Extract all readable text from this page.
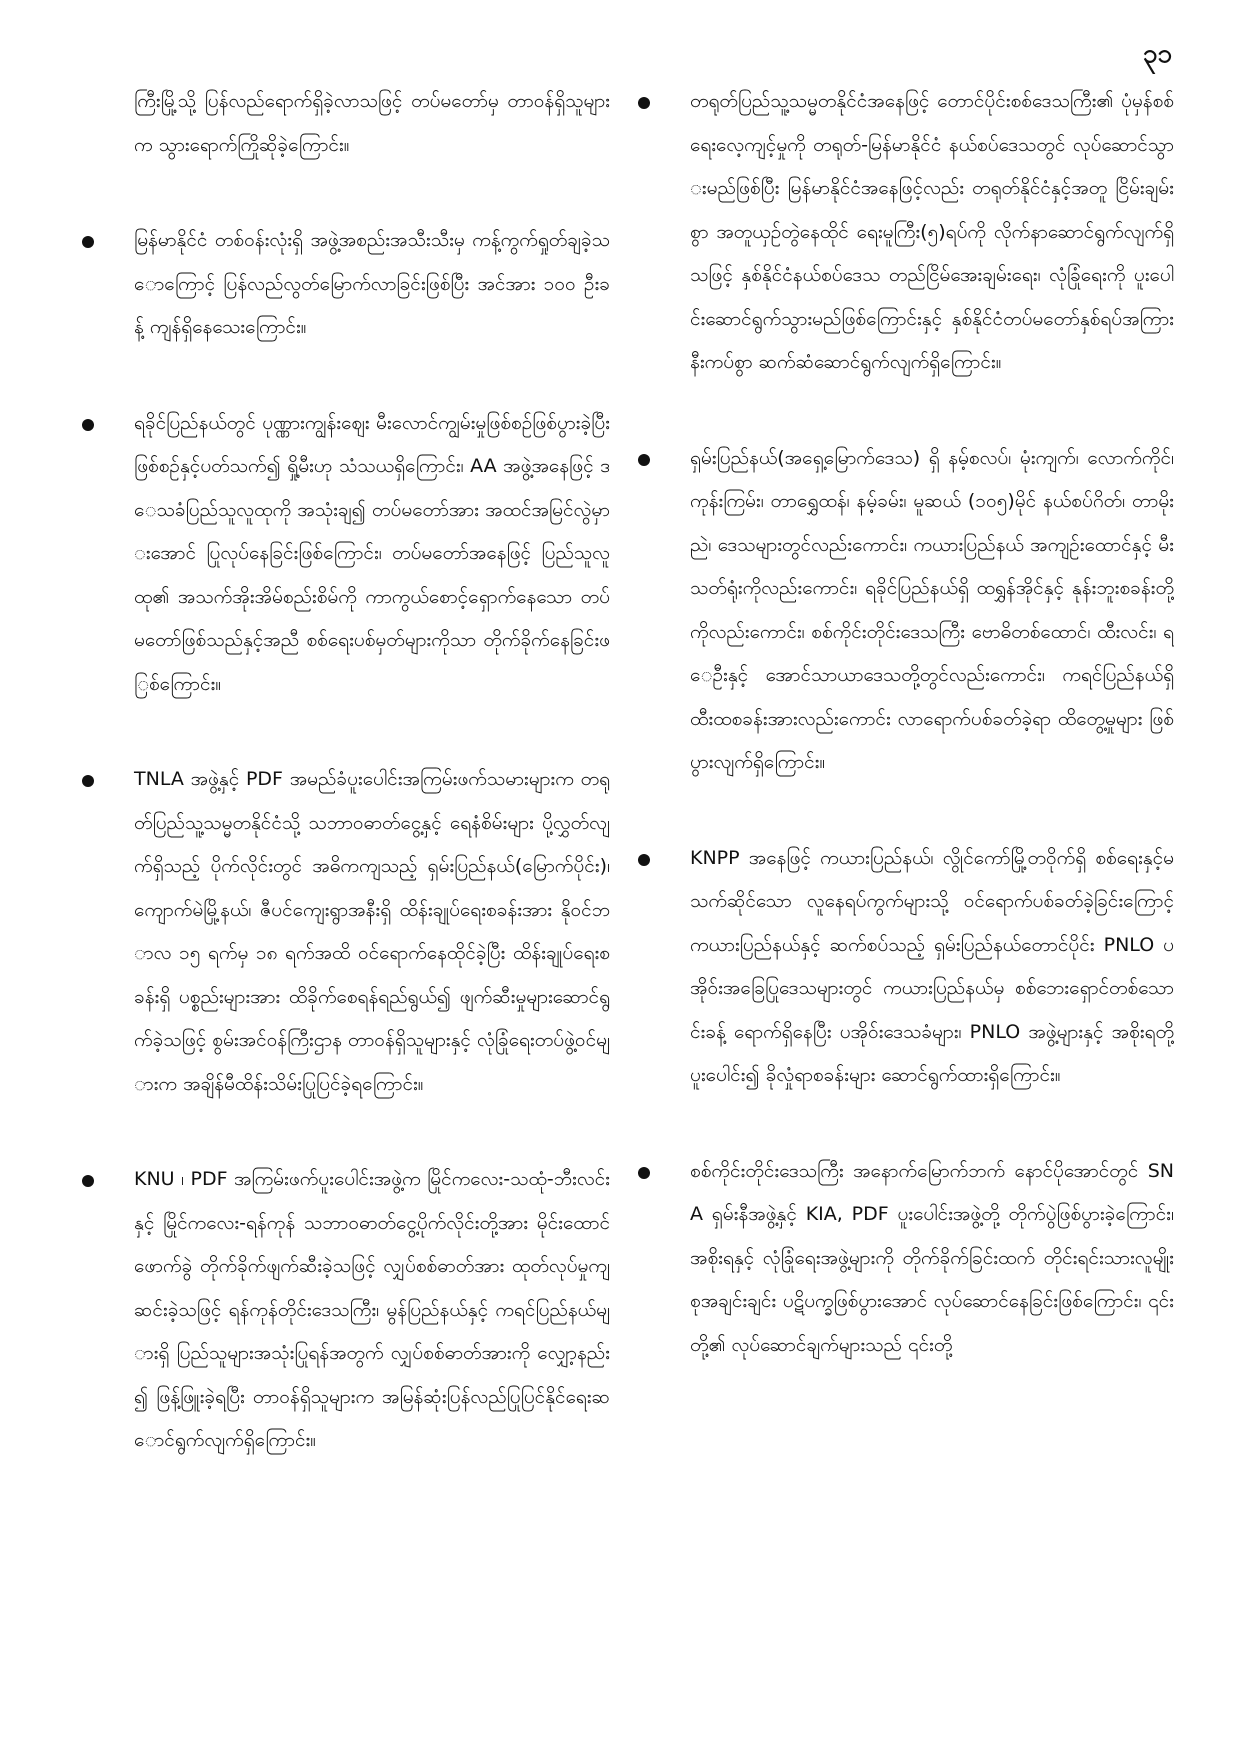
၃၁

ကြီးမြို့သို့ ပြန်လည်ရောက်ရှိခဲ့လာသဖြင့် တပ်မတော်မှ တာဝန်ရှိသူများက သွားရောက်ကြိုဆိုခဲ့ကြောင်း။

မြန်မာနိုင်ငံ တစ်ဝန်းလုံးရှိ အဖွဲ့အစည်းအသီးသီးမှ ကန့်ကွက်ရှုတ်ချခဲ့သောကြောင့် ပြန်လည်လွတ်မြောက်လာခြင်းဖြစ်ပြီး အင်အား ၁၀၀ ဦးခန့် ကျန်ရှိနေသေးကြောင်း။

ရခိုင်ပြည်နယ်တွင် ပုဏ္ဏားကျွန်းဈေး မီးလောင်ကျွမ်းမှုဖြစ်စဉ်ဖြစ်ပွားခဲ့ပြီး ဖြစ်စဉ်နှင့်ပတ်သက်၍ ရှို့မီးဟု သံသယရှိကြောင်း၊ AA အဖွဲ့အနေဖြင့် ဒေသခံပြည်သူလူထုကို အသုံးချ၍ တပ်မတော်အား အထင်အမြင်လွဲမှားအောင် ပြုလုပ်နေခြင်းဖြစ်ကြောင်း၊ တပ်မတော်အနေဖြင့် ပြည်သူလူထု၏ အသက်အိုးအိမ်စည်းစိမ်ကို ကာကွယ်စောင့်ရှောက်နေသော တပ်မတော်ဖြစ်သည်နှင့်အညီ စစ်ရေးပစ်မှတ်များကိုသာ တိုက်ခိုက်နေခြင်းဖြစ်ကြောင်း။

TNLA အဖွဲ့နှင့် PDF အမည်ခံပူးပေါင်းအကြမ်းဖက်သမားများက တရုတ်ပြည်သူ့သမ္မတနိုင်ငံသို့ သဘာဝဓာတ်ငွေ့နှင့် ရေနံစိမ်းများ ပို့လွှတ်လျက်ရှိသည့် ပိုက်လိုင်းတွင် အဓိကကျသည့် ရှမ်းပြည်နယ်(မြောက်ပိုင်း)၊ ကျောက်မဲမြို့နယ်၊ ဇီပင်ကျေးရွာအနီးရှိ ထိန်းချုပ်ရေးစခန်းအား နိုဝင်ဘာလ ၁၅ ရက်မှ ၁၈ ရက်အထိ ဝင်ရောက်နေထိုင်ခဲ့ပြီး ထိန်းချုပ်ရေးစခန်းရှိ ပစ္စည်းများအား ထိခိုက်စေရန်ရည်ရွယ်၍ ဖျက်ဆီးမှုများဆောင်ရွက်ခဲ့သဖြင့် စွမ်းအင်ဝန်ကြီးဌာန တာဝန်ရှိသူများနှင့် လုံခြုံရေးတပ်ဖွဲ့ဝင်များက အချိန်မီထိန်းသိမ်းပြုပြင်ခဲ့ရကြောင်း။

KNU ၊ PDF အကြမ်းဖက်ပူးပေါင်းအဖွဲ့က မြိုင်ကလေး-သထုံ-ဘီးလင်းနှင့် မြိုင်ကလေး-ရန်ကုန် သဘာဝဓာတ်ငွေ့ပိုက်လိုင်းတို့အား မိုင်းထောင်ဖောက်ခွဲ တိုက်ခိုက်ဖျက်ဆီးခဲ့သဖြင့် လျှပ်စစ်ဓာတ်အား ထုတ်လုပ်မှုကျဆင်းခဲ့သဖြင့် ရန်ကုန်တိုင်းဒေသကြီး၊ မွန်ပြည်နယ်နှင့် ကရင်ပြည်နယ်များရှိ ပြည်သူများအသုံးပြုရန်အတွက် လျှပ်စစ်ဓာတ်အားကို လျှော့နည်း၍ ဖြန့်ဖြူးခဲ့ရပြီး တာဝန်ရှိသူများက အမြန်ဆုံးပြန်လည်ပြုပြင်နိုင်ရေးဆောင်ရွက်လျက်ရှိကြောင်း။

တရုတ်ပြည်သူ့သမ္မတနိုင်ငံအနေဖြင့် တောင်ပိုင်းစစ်ဒေသကြီး၏ ပုံမှန်စစ်ရေးလေ့ကျင့်မှုကို တရုတ်-မြန်မာနိုင်ငံ နယ်စပ်ဒေသတွင် လုပ်ဆောင်သွားမည်ဖြစ်ပြီး မြန်မာနိုင်ငံအနေဖြင့်လည်း တရုတ်နိုင်ငံနှင့်အတူ ငြိမ်းချမ်းစွာ အတူယှဉ်တွဲနေထိုင် ရေးမူကြီး(၅)ရပ်ကို လိုက်နာဆောင်ရွက်လျက်ရှိသဖြင့် နှစ်နိုင်ငံနယ်စပ်ဒေသ တည်ငြိမ်အေးချမ်းရေး၊ လုံခြုံရေးကို ပူးပေါင်းဆောင်ရွက်သွားမည်ဖြစ်ကြောင်းနှင့် နှစ်နိုင်ငံတပ်မတော်နှစ်ရပ်အကြား နီးကပ်စွာ ဆက်ဆံဆောင်ရွက်လျက်ရှိကြောင်း။

ရှမ်းပြည်နယ်(အရှေ့မြောက်ဒေသ) ရှိ နမ့်စလပ်၊ မုံးကျက်၊ လောက်ကိုင်၊ ကုန်းကြမ်း၊ တာရွှေထန်၊ နမ့်ခမ်း၊ မူဆယ် (၁၀၅)မိုင် နယ်စပ်ဂိတ်၊ တာမိုးညဲ၊ ဒေသများတွင်လည်းကောင်း၊ ကယားပြည်နယ် အကျဉ်းထောင်နှင့် မီးသတ်ရုံးကိုလည်းကောင်း၊ ရခိုင်ပြည်နယ်ရှိ ထရွှန်အိုင်နှင့် နုန်းဘူးစခန်းတို့ကိုလည်းကောင်း၊ စစ်ကိုင်းတိုင်းဒေသကြီး ဗောဓိတစ်ထောင်၊ ထီးလင်း၊ ရေဦးနှင့် အောင်သာယာဒေသတို့တွင်လည်းကောင်း၊ ကရင်ပြည်နယ်ရှိ ထီးထစခန်းအားလည်းကောင်း လာရောက်ပစ်ခတ်ခဲ့ရာ ထိတွေ့မှုများ ဖြစ်ပွားလျက်ရှိကြောင်း။

KNPP အနေဖြင့် ကယားပြည်နယ်၊ လွိုင်ကော်မြို့တဝိုက်ရှိ စစ်ရေးနှင့်မသက်ဆိုင်သော လူနေရပ်ကွက်များသို့ ဝင်ရောက်ပစ်ခတ်ခဲ့ခြင်းကြောင့် ကယားပြည်နယ်နှင့် ဆက်စပ်သည့် ရှမ်းပြည်နယ်တောင်ပိုင်း PNLO ပအိုဝ်းအခြေပြုဒေသများတွင် ကယားပြည်နယ်မှ စစ်ဘေးရှောင်တစ်သောင်းခန့် ရောက်ရှိနေပြီး ပအိုဝ်းဒေသခံများ၊ PNLO အဖွဲ့များနှင့် အစိုးရတို့ပူးပေါင်း၍ ခိုလှုံရာစခန်းများ ဆောင်ရွက်ထားရှိကြောင်း။

စစ်ကိုင်းတိုင်းဒေသကြီး အနောက်မြောက်ဘက် နောင်ပိုအောင်တွင် SNA ရှမ်းနီအဖွဲ့နှင့် KIA, PDF ပူးပေါင်းအဖွဲ့တို့ တိုက်ပွဲဖြစ်ပွားခဲ့ကြောင်း၊ အစိုးရနှင့် လုံခြုံရေးအဖွဲ့များကို တိုက်ခိုက်ခြင်းထက် တိုင်းရင်းသားလူမျိုးစုအချင်းချင်း ပဋိပက္ခဖြစ်ပွားအောင် လုပ်ဆောင်နေခြင်းဖြစ်ကြောင်း၊ ၎င်းတို့၏ လုပ်ဆောင်ချက်များသည် ၎င်းတို့
